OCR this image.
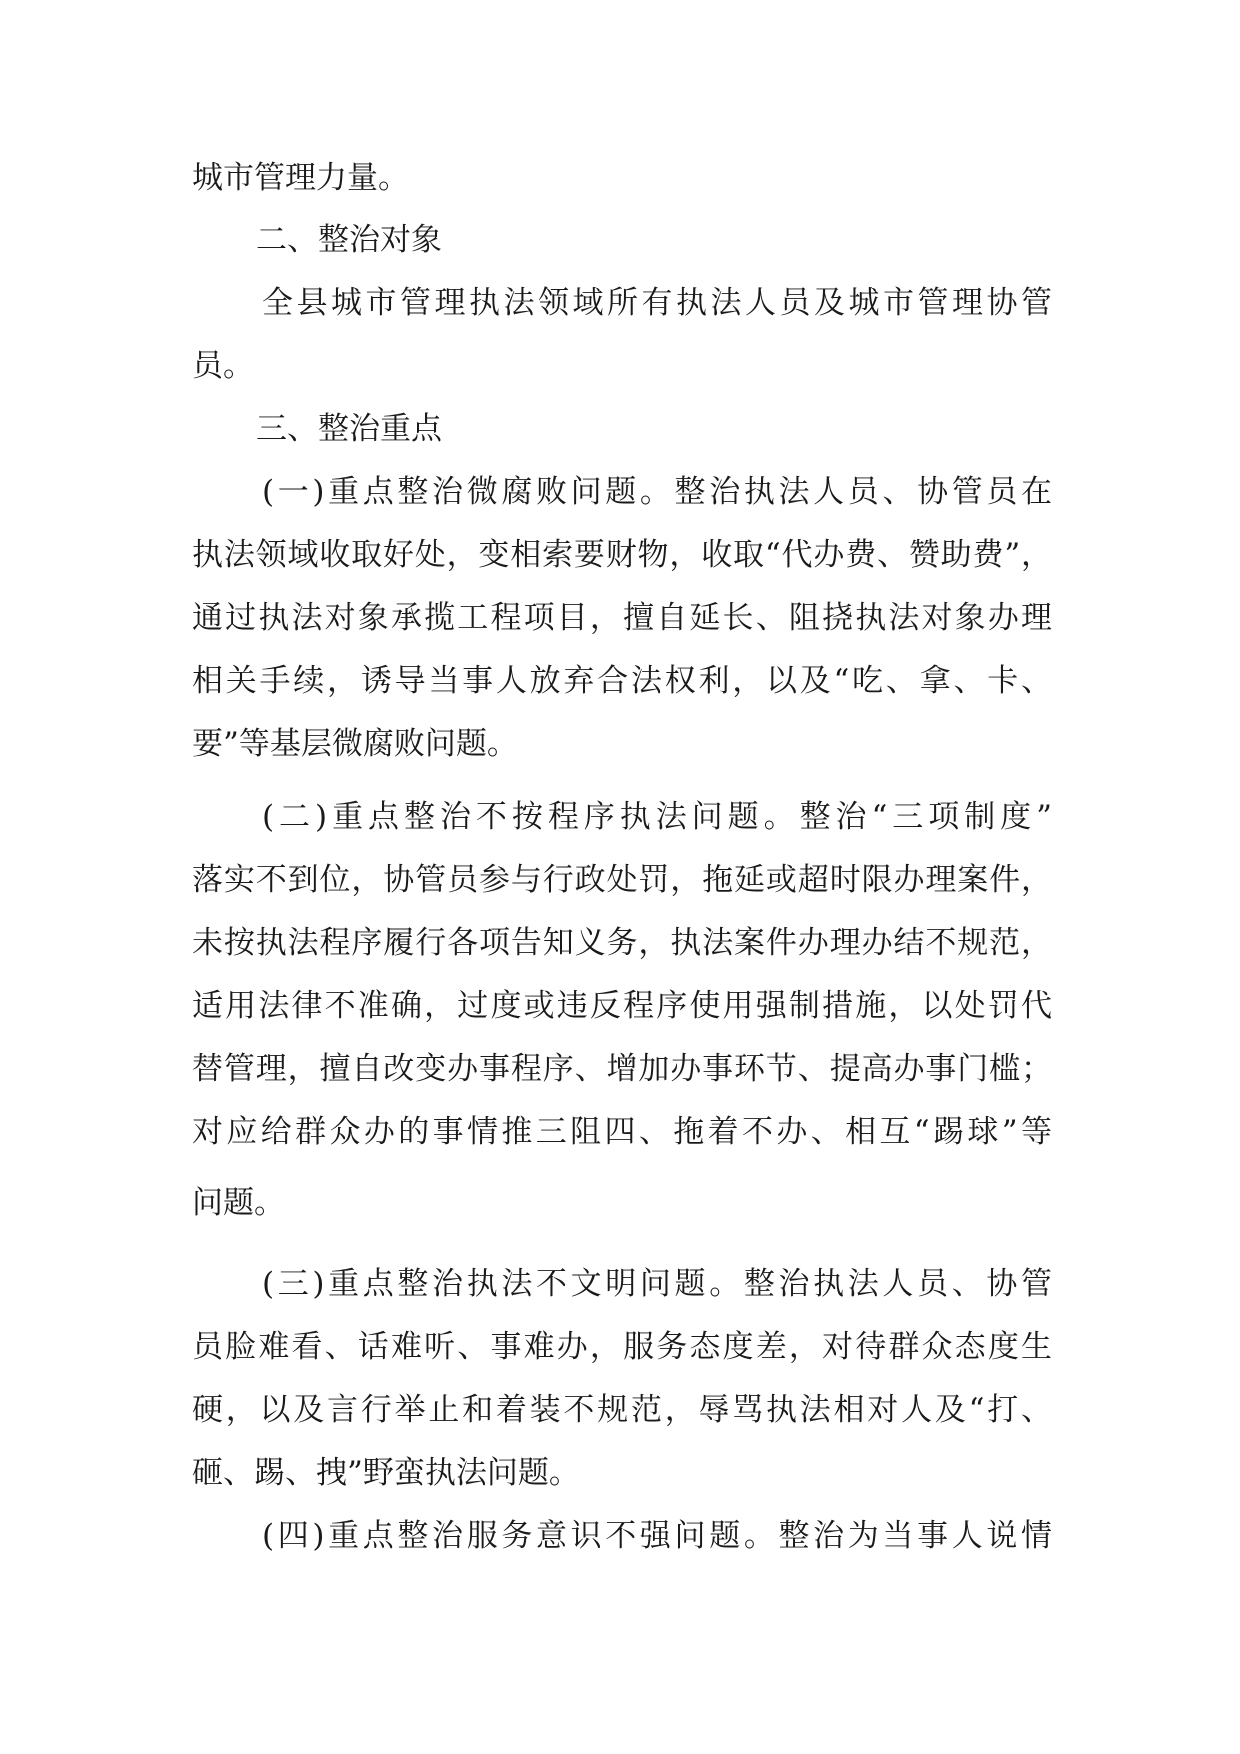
城市管理力量。
二、整治对象
全县城市管理执法领域所有执法人员及城市管理协管
员。
三、整治重点
(一)重点整治微腐败问题。整治执法人员、协管员在
执法领域收取好处，变相索要财物，收取“代办费、赞助费”，
通过执法对象承揽工程项目，擅自延长、阻挠执法对象办理
相关手续，诱导当事人放弃合法权利，以及“吃、拿、卡、
要”等基层微腐败问题。
(二)重点整治不按程序执法问题。整治“三项制度”
落实不到位，协管员参与行政处罚，拖延或超时限办理案件，
未按执法程序履行各项告知义务，执法案件办理办结不规范，
适用法律不准确，过度或违反程序使用强制措施，以处罚代
替管理，擅自改变办事程序、增加办事环节、提高办事门槛；
对应给群众办的事情推三阻四、拖着不办、相互“踢球”等
问题。
(三)重点整治执法不文明问题。整治执法人员、协管
员脸难看、话难听、事难办，服务态度差，对待群众态度生
硬，以及言行举止和着装不规范，辱骂执法相对人及“打、
砸、踢、拽”野蛮执法问题。
(四)重点整治服务意识不强问题。整治为当事人说情
